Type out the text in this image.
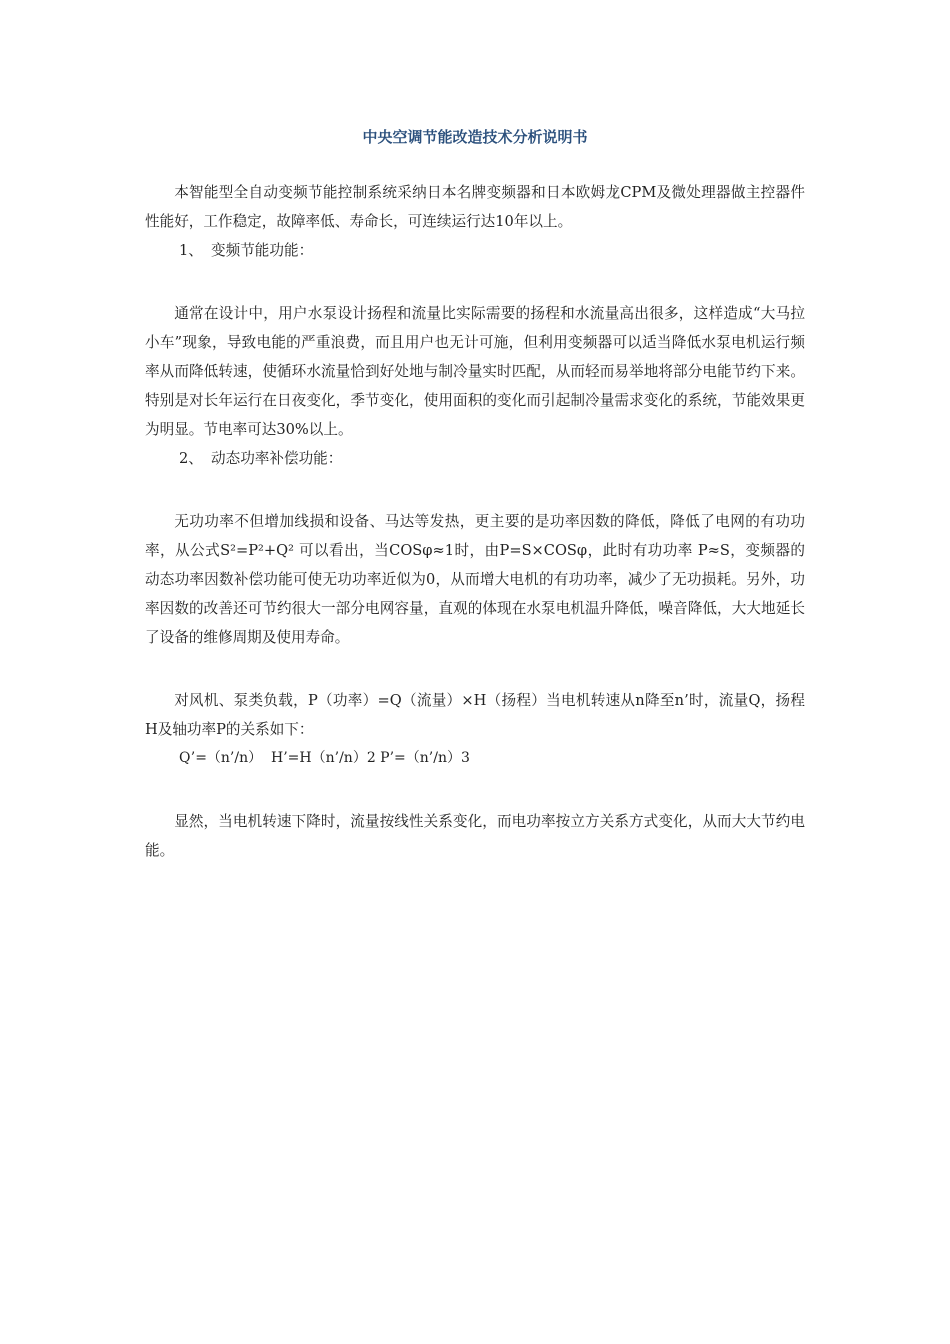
中央空调节能改造技术分析说明书

本智能型全自动变频节能控制系统采纳日本名牌变频器和日本欧姆龙CPM及微处理器做主控器件性能好，工作稳定，故障率低、寿命长，可连续运行达10年以上。

1、 变频节能功能：

通常在设计中，用户水泵设计扬程和流量比实际需要的扬程和水流量高出很多，这样造成“大马拉小车”现象，导致电能的严重浪费，而且用户也无计可施，但利用变频器可以适当降低水泵电机运行频率从而降低转速，使循环水流量恰到好处地与制冷量实时匹配，从而轻而易举地将部分电能节约下来。特别是对长年运行在日夜变化，季节变化，使用面积的变化而引起制冷量需求变化的系统，节能效果更为明显。节电率可达30%以上。

2、 动态功率补偿功能：

无功功率不但增加线损和设备、马达等发热，更主要的是功率因数的降低，降低了电网的有功功率，从公式S²=P²+Q² 可以看出，当COSφ≈1时，由P=S×COSφ，此时有功功率 P≈S，变频器的动态功率因数补偿功能可使无功功率近似为0，从而增大电机的有功功率，减少了无功损耗。另外，功率因数的改善还可节约很大一部分电网容量，直观的体现在水泵电机温升降低，噪音降低，大大地延长了设备的维修周期及使用寿命。

对风机、泵类负载，P（功率）=Q（流量）×H（扬程）当电机转速从n降至n’时，流量Q，扬程H及轴功率P的关系如下：

Q’=（n’/n）  H’=H（n’/n）2 P’=（n’/n）3

显然，当电机转速下降时，流量按线性关系变化，而电功率按立方关系方式变化，从而大大节约电能。
